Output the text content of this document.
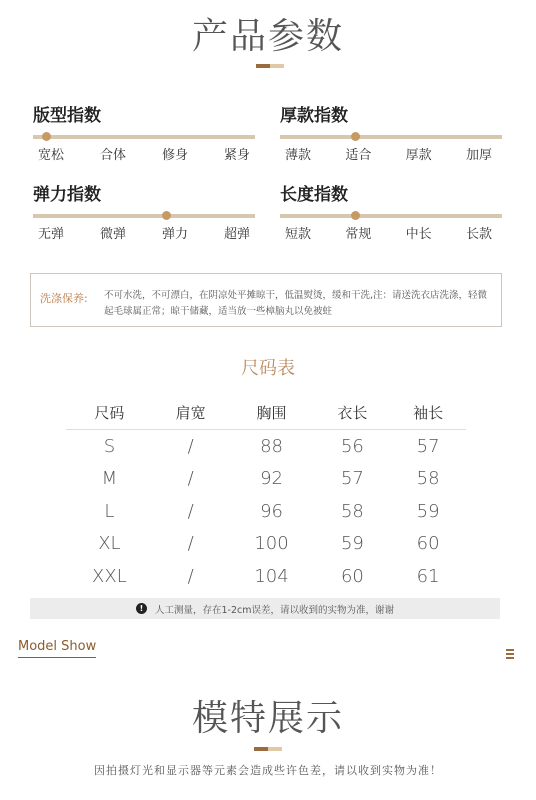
产品参数
版型指数
宽松	合体	修身	紧身
厚款指数
薄款	适合	厚款	加厚
弹力指数
无弹	微弹	弹力	超弹
长度指数
短款	常规	中长	长款
洗涤保养: 不可水洗，不可漂白，在阴凉处平摊晾干，低温熨烫，缓和干洗,注：请送洗衣店洗涤，轻微起毛球属正常；晾干储藏，适当放一些樟脑丸以免被蛀
尺码表
尺码	肩宽	胸围	衣长	袖长
S	/	88	56	57
M	/	92	57	58
L	/	96	58	59
XL	/	100	59	60
XXL	/	104	60	61
!	人工测量，存在1-2cm误差，请以收到的实物为准，谢谢
Model Show
模特展示
因拍摄灯光和显示器等元素会造成些许色差，请以收到实物为准！
